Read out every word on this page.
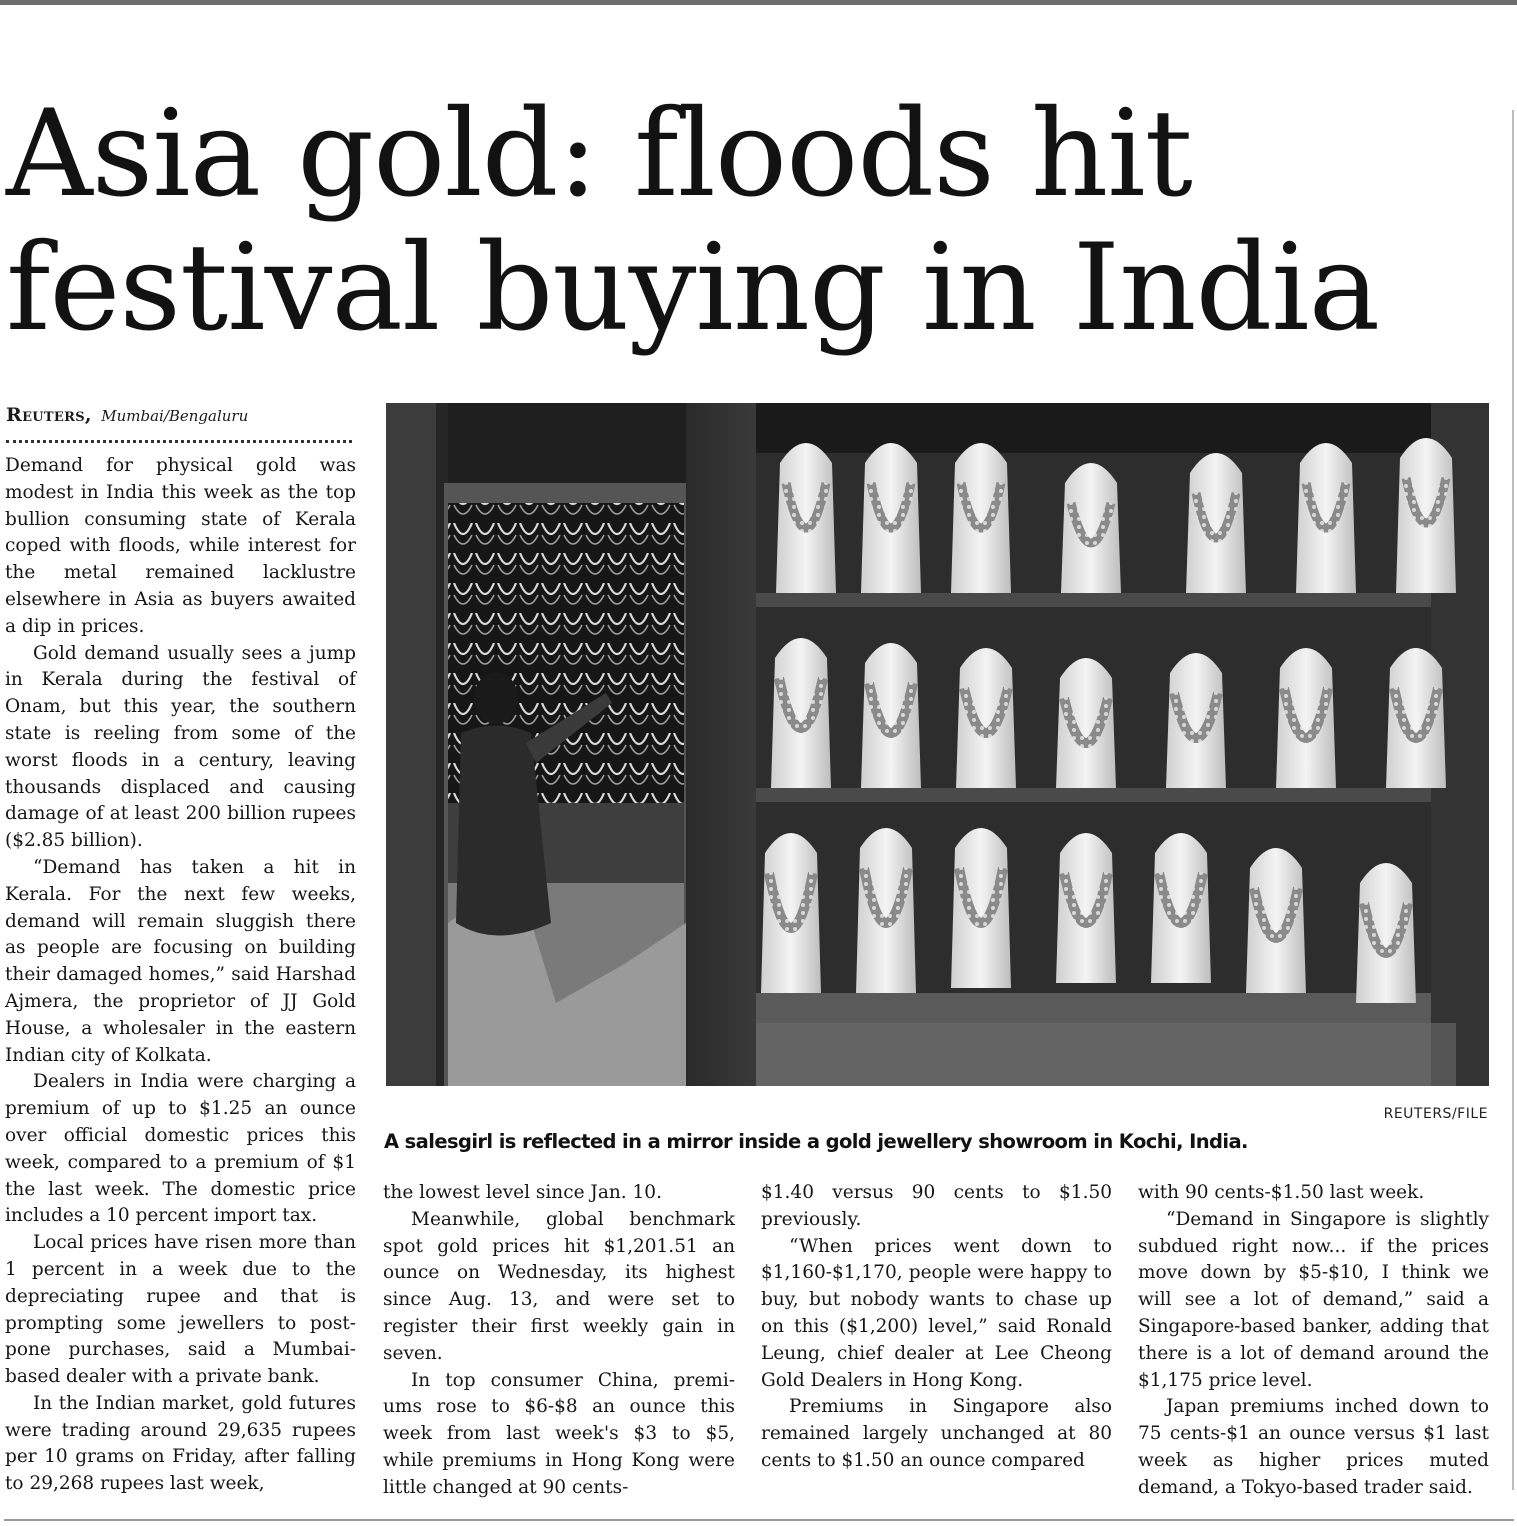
Asia gold: floods hit
festival buying in India
Reuters, Mumbai/Bengaluru

Demand for physical gold was modest in India this week as the top bullion consuming state of Kerala coped with floods, while interest for the metal remained lacklustre elsewhere in Asia as buyers awaited a dip in prices.

Gold demand usually sees a jump in Kerala during the festival of Onam, but this year, the southern state is reeling from some of the worst floods in a century, leaving thousands displaced and causing damage of at least 200 billion rupees ($2.85 billion).

“Demand has taken a hit in Kerala. For the next few weeks, demand will remain sluggish there as people are focusing on building their damaged homes,” said Harshad Ajmera, the proprietor of JJ Gold House, a wholesaler in the eastern Indian city of Kolkata.

Dealers in India were charging a premium of up to $1.25 an ounce over official domestic prices this week, compared to a premium of $1 the last week. The domestic price includes a 10 percent import tax.

Local prices have risen more than 1 percent in a week due to the depreciating rupee and that is prompting some jewellers to post-pone purchases, said a Mumbai-based dealer with a private bank.

In the Indian market, gold futures were trading around 29,635 rupees per 10 grams on Friday, after falling to 29,268 rupees last week,

REUTERS/FILE
A salesgirl is reflected in a mirror inside a gold jewellery showroom in Kochi, India.

the lowest level since Jan. 10.

Meanwhile, global benchmark spot gold prices hit $1,201.51 an ounce on Wednesday, its highest since Aug. 13, and were set to register their first weekly gain in seven.

In top consumer China, premi-ums rose to $6-$8 an ounce this week from last week's $3 to $5, while premiums in Hong Kong were little changed at 90 cents-

$1.40 versus 90 cents to $1.50 previously.

“When prices went down to $1,160-$1,170, people were happy to buy, but nobody wants to chase up on this ($1,200) level,” said Ronald Leung, chief dealer at Lee Cheong Gold Dealers in Hong Kong.

Premiums in Singapore also remained largely unchanged at 80 cents to $1.50 an ounce compared

with 90 cents-$1.50 last week.

“Demand in Singapore is slightly subdued right now... if the prices move down by $5-$10, I think we will see a lot of demand,” said a Singapore-based banker, adding that there is a lot of demand around the $1,175 price level.

Japan premiums inched down to 75 cents-$1 an ounce versus $1 last week as higher prices muted demand, a Tokyo-based trader said.
